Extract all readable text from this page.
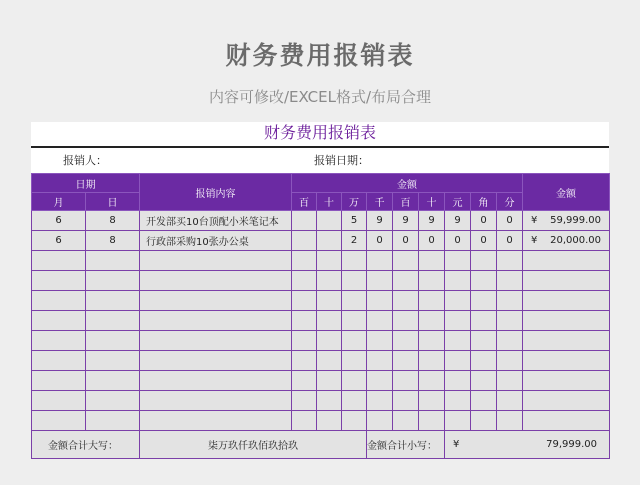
财务费用报销表
内容可修改/EXCEL格式/布局合理
财务费用报销表
报销人：	报销日期：
日期		报销内容	金额									金额
月	日		百	十	万	千	百	十	元	角	分	
6	8	开发部买10台顶配小米笔记本			5	9	9	9	9	0	0	¥ 59,999.00
6	8	行政部采购10张办公桌			2	0	0	0	0	0	0	¥ 20,000.00

金额合计大写：		柒万玖仟玖佰玖拾玖				金额合计小写：			¥ 79,999.00			
